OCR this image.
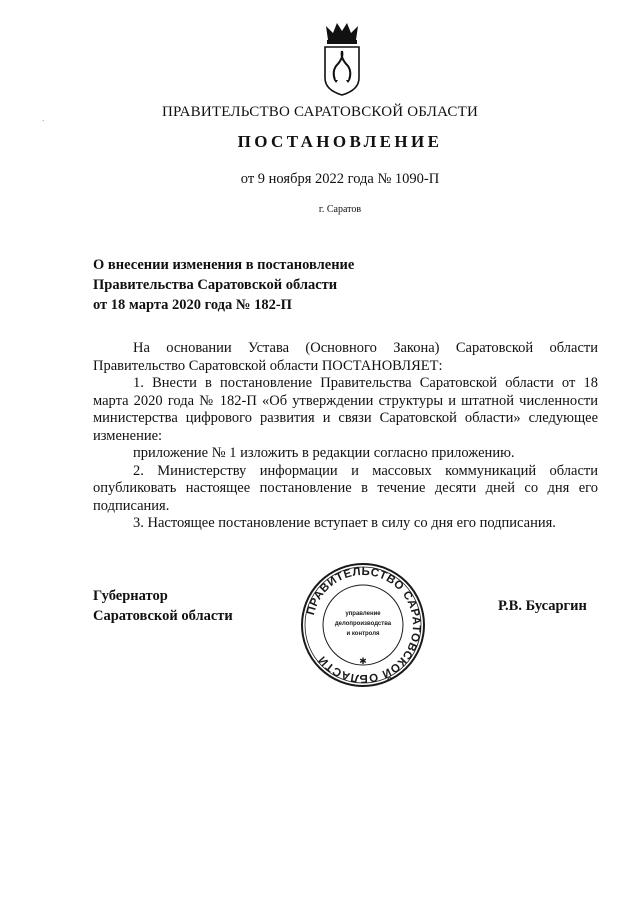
ПРАВИТЕЛЬСТВО САРАТОВСКОЙ ОБЛАСТИ
ПОСТАНОВЛЕНИЕ
от 9 ноября 2022 года № 1090-П
г. Саратов
·
О внесении изменения в постановление
Правительства Саратовской области
от 18 марта 2020 года № 182-П

На основании Устава (Основного Закона) Саратовской области Правительство Саратовской области ПОСТАНОВЛЯЕТ:

1. Внести в постановление Правительства Саратовской области от 18 марта 2020 года № 182-П «Об утверждении структуры и штатной численности министерства цифрового развития и связи Саратовской области» следующее изменение:

приложение № 1 изложить в редакции согласно приложению.

2. Министерству информации и массовых коммуникаций области опубликовать настоящее постановление в течение десяти дней со дня его подписания.

3. Настоящее постановление вступает в силу со дня его подписания.

Губернатор
Саратовской области	ПРАВИТЕЛЬСТВО САРАТОВСКОЙ ОБЛАСТИ
управление
делопроизводства
и контроля
✱
Р.В. Бусаргин
